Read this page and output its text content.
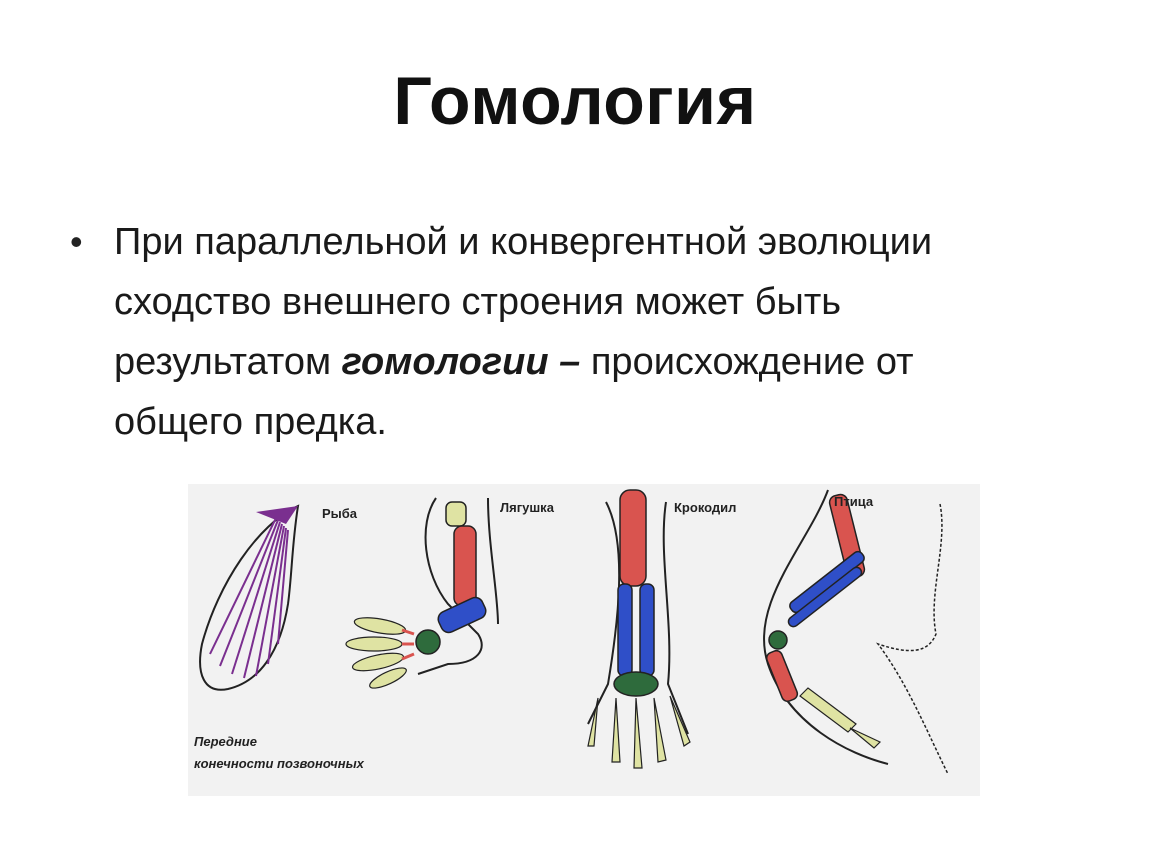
Гомология
• При параллельной и конвергентной эволюции сходство внешнего строения может быть результатом гомологии – происхождение от общего предка.
Рыба	Лягушка	Крокодил	Птица
Передние
конечности позвоночных
